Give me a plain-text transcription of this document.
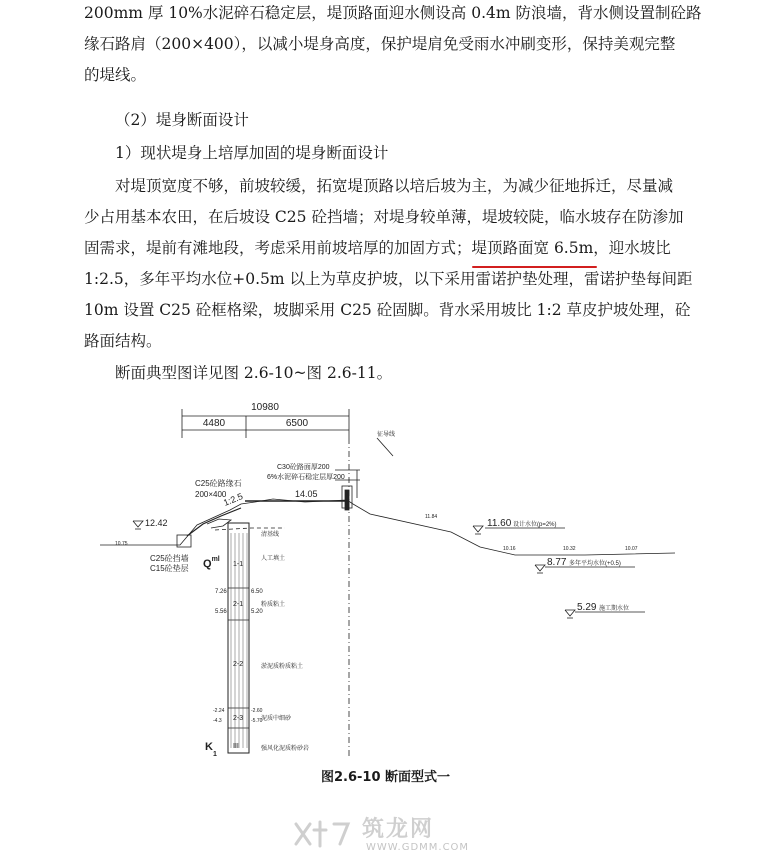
200mm 厚 10%水泥碎石稳定层，堤顶路面迎水侧设高 0.4m 防浪墙，背水侧设置制砼路
缘石路肩（200×400），以减小堤身高度，保护堤肩免受雨水冲刷变形，保持美观完整
的堤线。
（2）堤身断面设计
1）现状堤身上培厚加固的堤身断面设计
对堤顶宽度不够，前坡较缓，拓宽堤顶路以培后坡为主，为减少征地拆迁，尽量减
少占用基本农田，在后坡设 C25 砼挡墙；对堤身较单薄，堤坡较陡，临水坡存在防渗加
固需求，堤前有滩地段，考虑采用前坡培厚的加固方式；堤顶路面宽 6.5m，迎水坡比
1:2.5，多年平均水位+0.5m 以上为草皮护坡，以下采用雷诺护垫处理，雷诺护垫每间距
10m 设置 C25 砼框格梁，坡脚采用 C25 砼固脚。背水采用坡比 1:2 草皮护坡处理，砼
路面结构。
断面典型图详见图 2.6-10~图 2.6-11。
10980
4480	6500
征导线
C30砼路面厚200
6%水泥碎石稳定层厚200
C25砼路缘石
200×400
1:2.5	14.05
12.42
C25砼挡墙
C15砼垫层
10.75
清基线
人工填土
$Q^{ml}$
$K_1$
1-1
2-1
2-2
2-3
III
粉质粘土
淤泥质粉质粘土
泥质中细砂
强风化泥质粉砂岩
7.26	6.50
5.56	5.20
-2.24	-2.60
-4.3	-5.70
11.60 设计水位(p=2%)
8.77 多年平均水位(+0.5)
5.29 施工期水位
11.84
10.16	10.32	10.07
图2.6-10 断面型式一
筑龙网
WWW.GDMM.COM
